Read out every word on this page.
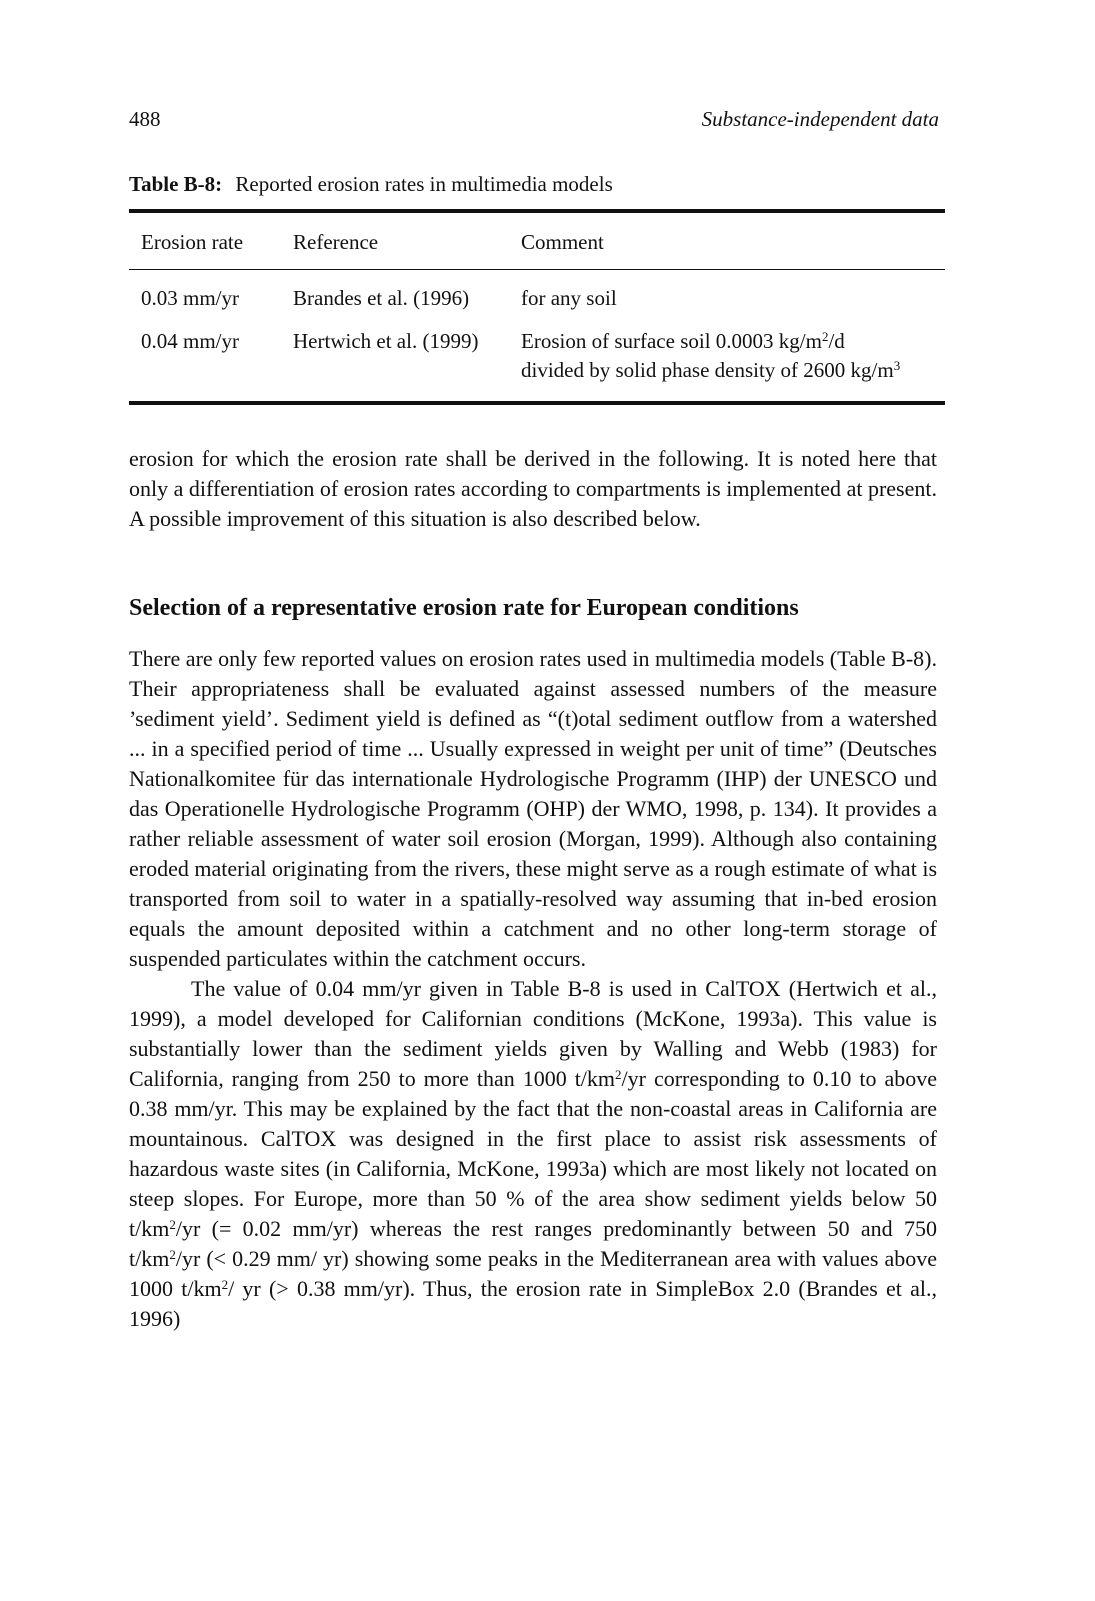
488	Substance-independent data
Table B-8: Reported erosion rates in multimedia models
Erosion rate	Reference	Comment
0.03 mm/yr	Brandes et al. (1996)	for any soil
0.04 mm/yr	Hertwich et al. (1999)	Erosion of surface soil 0.0003 $kg/m^2/d$
divided by solid phase density of 2600 $kg/m^3$

erosion for which the erosion rate shall be derived in the following. It is noted here that only a differentiation of erosion rates according to compartments is implemented at present. A possible improvement of this situation is also described below.

Selection of a representative erosion rate for European conditions

There are only few reported values on erosion rates used in multimedia models (Table B-8). Their appropriateness shall be evaluated against assessed numbers of the measure ’sediment yield’. Sediment yield is defined as “(t)otal sediment outflow from a watershed ... in a specified period of time ... Usually expressed in weight per unit of time” (Deutsches Nationalkomitee für das internationale Hydrologische Programm (IHP) der UNESCO und das Operationelle Hydrologische Programm (OHP) der WMO, 1998, p. 134). It provides a rather reliable assessment of water soil erosion (Morgan, 1999). Although also containing eroded material originating from the rivers, these might serve as a rough estimate of what is transported from soil to water in a spatially-resolved way assuming that in-bed erosion equals the amount deposited within a catchment and no other long-term storage of suspended particulates within the catchment occurs.

The value of 0.04 mm/yr given in Table B-8 is used in CalTOX (Hertwich et al., 1999), a model developed for Californian conditions (McKone, 1993a). This value is substantially lower than the sediment yields given by Walling and Webb (1983) for California, ranging from 250 to more than 1000 $t/km^2/yr$ corresponding to 0.10 to above 0.38 mm/yr. This may be explained by the fact that the non-coastal areas in California are mountainous. CalTOX was designed in the first place to assist risk assessments of hazardous waste sites (in California, McKone, 1993a) which are most likely not located on steep slopes. For Europe, more than 50 % of the area show sediment yields below 50 $t/km^2/yr$ (= 0.02 mm/yr) whereas the rest ranges predominantly between 50 and 750 $t/km^2/yr$ (< 0.29 mm/ yr) showing some peaks in the Mediterranean area with values above 1000 $t/km^2/$ yr (> 0.38 mm/yr). Thus, the erosion rate in SimpleBox 2.0 (Brandes et al., 1996)
